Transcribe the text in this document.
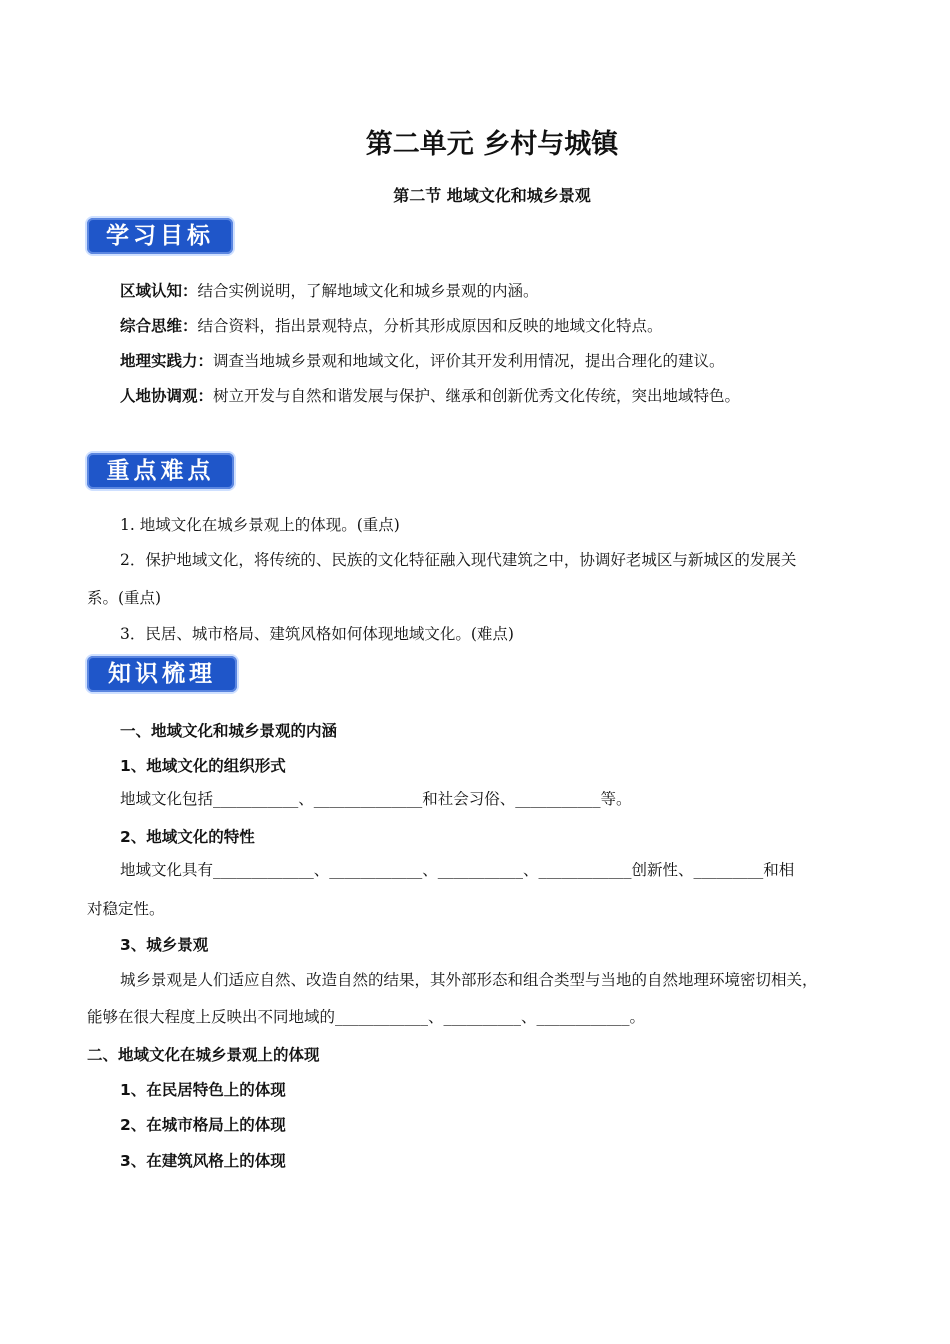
第二单元 乡村与城镇
第二节 地域文化和城乡景观
学习目标
区域认知：结合实例说明，了解地域文化和城乡景观的内涵。
综合思维：结合资料，指出景观特点，分析其形成原因和反映的地域文化特点。
地理实践力：调查当地城乡景观和地域文化，评价其开发利用情况，提出合理化的建议。
人地协调观：树立开发与自然和谐发展与保护、继承和创新优秀文化传统，突出地域特色。
重点难点
1. 地域文化在城乡景观上的体现。(重点)
2．保护地域文化，将传统的、民族的文化特征融入现代建筑之中，协调好老城区与新城区的发展关
系。(重点)
3．民居、城市格局、建筑风格如何体现地域文化。(难点)
知识梳理
一、地域文化和城乡景观的内涵
1、地域文化的组织形式
地域文化包括___________、______________和社会习俗、___________等。
2、地域文化的特性
地域文化具有_____________、____________、___________、____________创新性、_________和相
对稳定性。
3、城乡景观
城乡景观是人们适应自然、改造自然的结果，其外部形态和组合类型与当地的自然地理环境密切相关，
能够在很大程度上反映出不同地域的____________、__________、____________。
二、地域文化在城乡景观上的体现
1、在民居特色上的体现
2、在城市格局上的体现
3、在建筑风格上的体现
